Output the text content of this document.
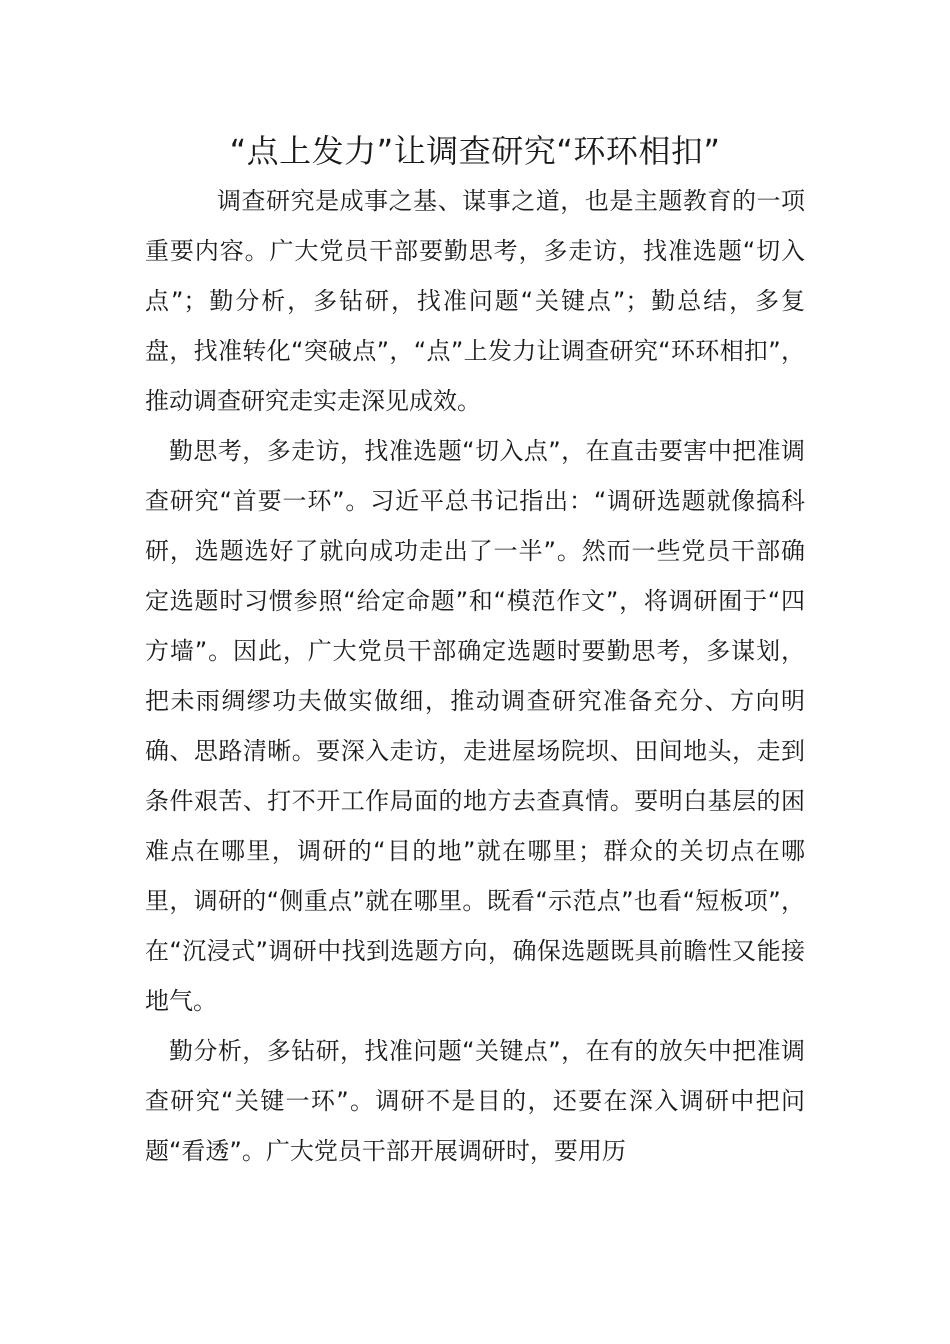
“点上发力”让调查研究“环环相扣”

调查研究是成事之基、谋事之道，也是主题教育的一项重要内容。广大党员干部要勤思考，多走访，找准选题“切入点”；勤分析，多钻研，找准问题“关键点”；勤总结，多复盘，找准转化“突破点”，“点”上发力让调查研究“环环相扣”，推动调查研究走实走深见成效。

勤思考，多走访，找准选题“切入点”，在直击要害中把准调查研究“首要一环”。习近平总书记指出：“调研选题就像搞科研，选题选好了就向成功走出了一半”。然而一些党员干部确定选题时习惯参照“给定命题”和“模范作文”，将调研囿于“四方墙”。因此，广大党员干部确定选题时要勤思考，多谋划，把未雨绸缪功夫做实做细，推动调查研究准备充分、方向明确、思路清晰。要深入走访，走进屋场院坝、田间地头，走到条件艰苦、打不开工作局面的地方去查真情。要明白基层的困难点在哪里，调研的“目的地”就在哪里；群众的关切点在哪里，调研的“侧重点”就在哪里。既看“示范点”也看“短板项”，在“沉浸式”调研中找到选题方向，确保选题既具前瞻性又能接地气。

勤分析，多钻研，找准问题“关键点”，在有的放矢中把准调查研究“关键一环”。调研不是目的，还要在深入调研中把问题“看透”。广大党员干部开展调研时，要用历
